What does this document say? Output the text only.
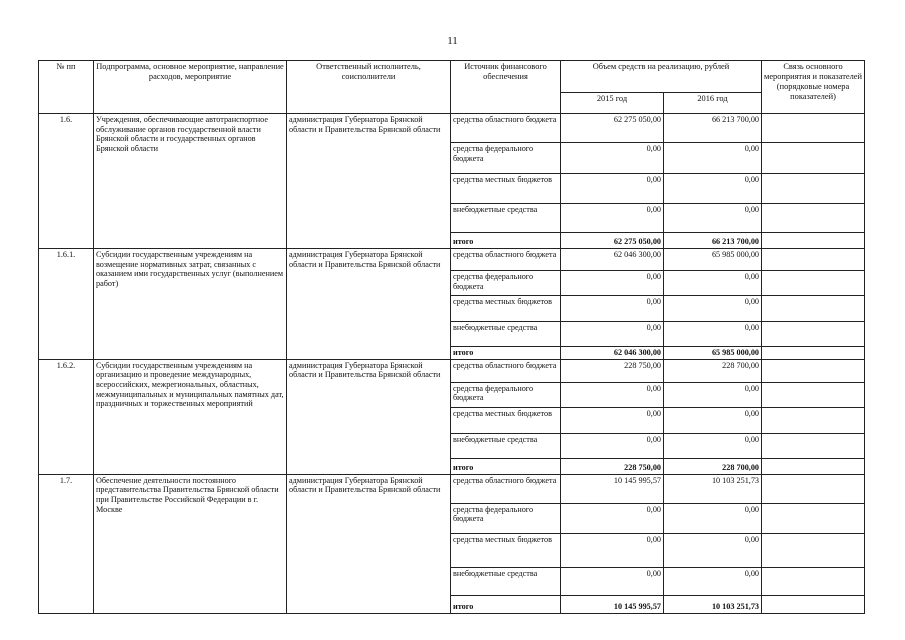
11
№ пп	Подпрограмма, основное мероприятие, направление расходов, мероприятие	Ответственный исполнитель, соисполнители	Источник финансового обеспечения	Объем средств на реализацию, рублей		Связь основного мероприятия и показателей (порядковые номера показателей)
				2015 год	2016 год	
1.6.	Учреждения, обеспечивающие автотранспортное обслуживание органов государственной власти Брянской области и государственных органов Брянской области	администрация Губернатора Брянской области и Правительства Брянской области	средства областного бюджета	62 275 050,00	66 213 700,00	
			средства федерального бюджета	0,00	0,00	
			средства местных бюджетов	0,00	0,00	
			внебюджетные средства	0,00	0,00	
			итого	62 275 050,00	66 213 700,00	
1.6.1.	Субсидии государственным учреждениям на возмещение нормативных затрат, связанных с оказанием ими государственных услуг (выполнением работ)	администрация Губернатора Брянской области и Правительства Брянской области	средства областного бюджета	62 046 300,00	65 985 000,00	
			средства федерального бюджета	0,00	0,00	
			средства местных бюджетов	0,00	0,00	
			внебюджетные средства	0,00	0,00	
			итого	62 046 300,00	65 985 000,00	
1.6.2.	Субсидии государственным учреждениям на организацию и проведение международных, всероссийских, межрегиональных, областных, межмуниципальных и муниципальных памятных дат, праздничных и торжественных мероприятий	администрация Губернатора Брянской области и Правительства Брянской области	средства областного бюджета	228 750,00	228 700,00	
			средства федерального бюджета	0,00	0,00	
			средства местных бюджетов	0,00	0,00	
			внебюджетные средства	0,00	0,00	
			итого	228 750,00	228 700,00	
1.7.	Обеспечение деятельности постоянного представительства Правительства Брянской области при Правительстве Российской Федерации в г. Москве	администрация Губернатора Брянской области и Правительства Брянской области	средства областного бюджета	10 145 995,57	10 103 251,73	
			средства федерального бюджета	0,00	0,00	
			средства местных бюджетов	0,00	0,00	
			внебюджетные средства	0,00	0,00	
			итого	10 145 995,57	10 103 251,73	
